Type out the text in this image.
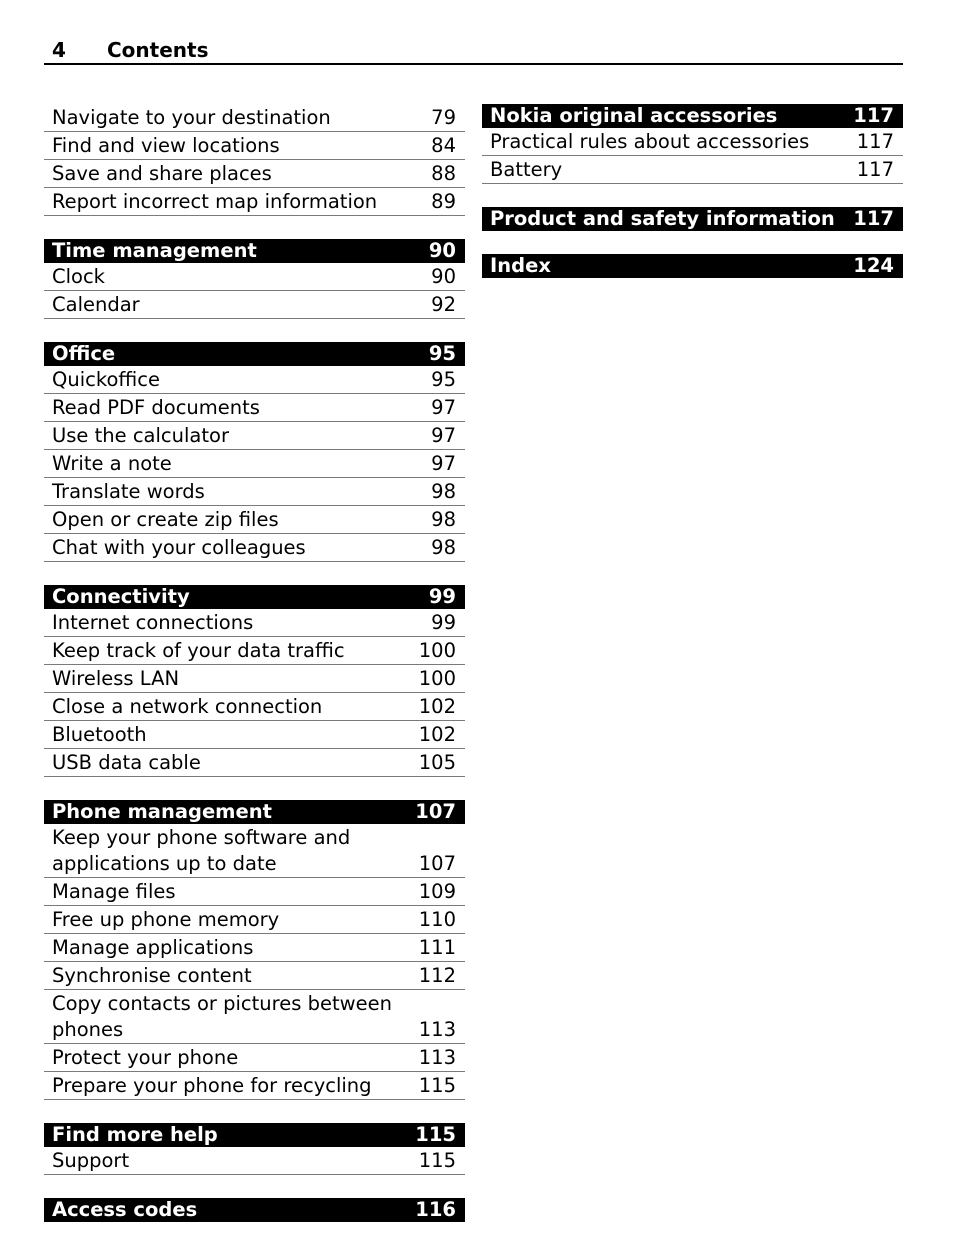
4 Contents
Navigate to your destination	79
Find and view locations	84
Save and share places	88
Report incorrect map information	89
Time management	90
Clock	90
Calendar	92
Office	95
Quickoffice	95
Read PDF documents	97
Use the calculator	97
Write a note	97
Translate words	98
Open or create zip files	98
Chat with your colleagues	98
Connectivity	99
Internet connections	99
Keep track of your data traffic	100
Wireless LAN	100
Close a network connection	102
Bluetooth	102
USB data cable	105
Phone management	107
Keep your phone software and applications up to date	107
Manage files	109
Free up phone memory	110
Manage applications	111
Synchronise content	112
Copy contacts or pictures between phones	113
Protect your phone	113
Prepare your phone for recycling	115
Find more help	115
Support	115
Access codes	116
Nokia original accessories	117
Practical rules about accessories	117
Battery	117
Product and safety information 117
Index	124
